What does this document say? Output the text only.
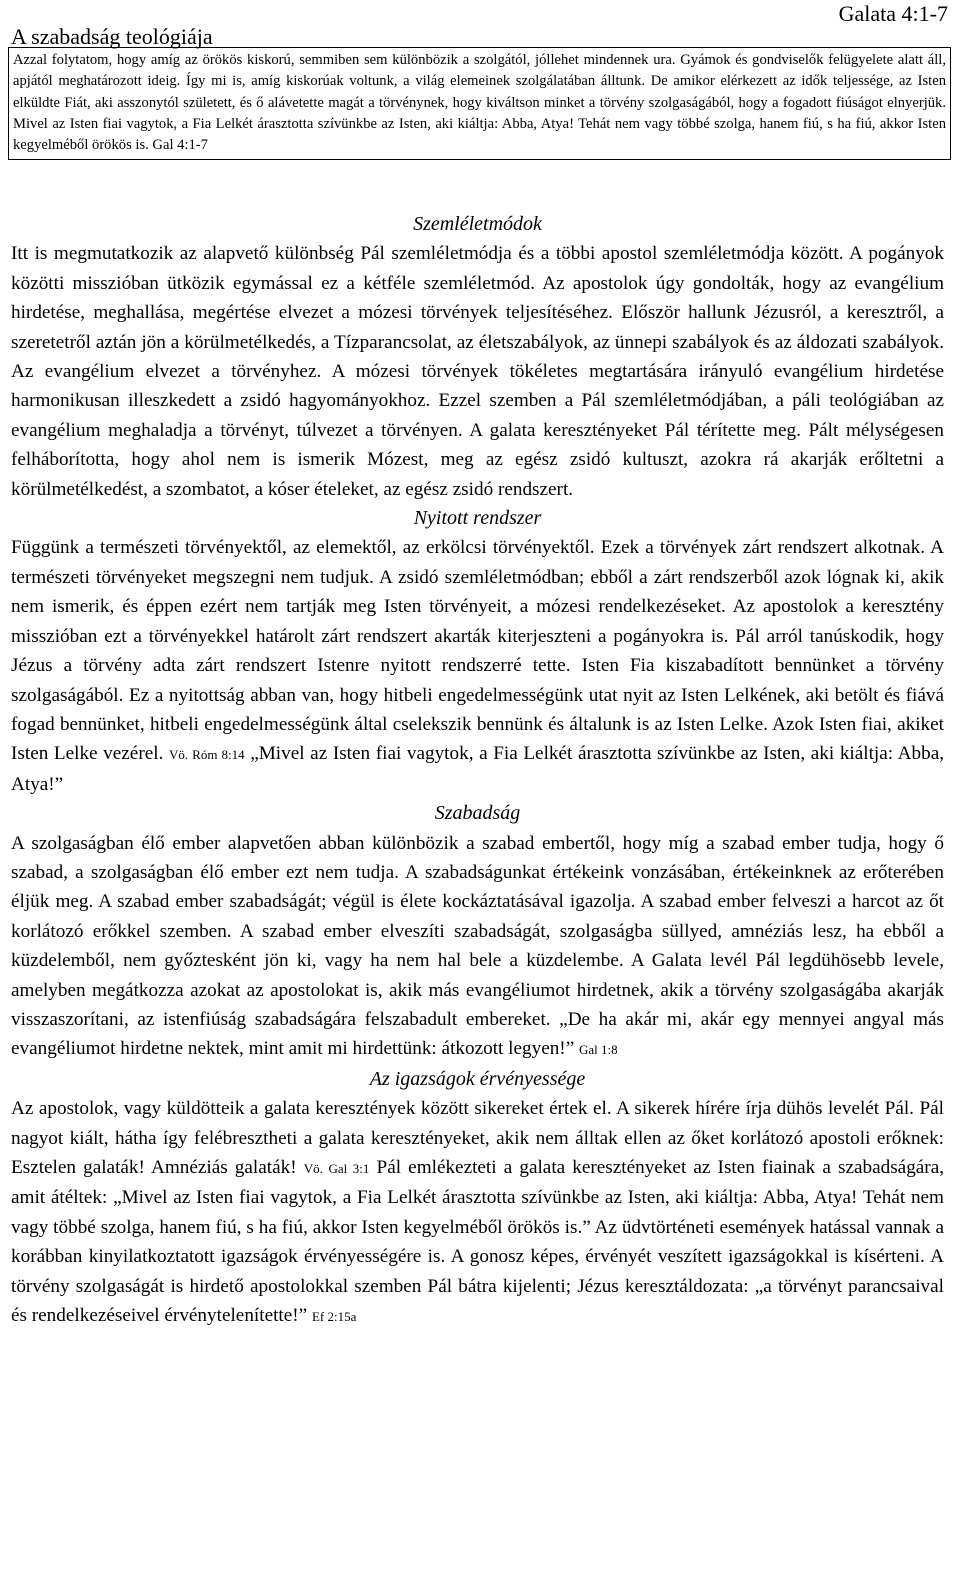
Galata 4:1-7
A szabadság teológiája
Azzal folytatom, hogy amíg az örökös kiskorú, semmiben sem különbözik a szolgától, jóllehet mindennek ura. Gyámok és gondviselők felügyelete alatt áll, apjától meghatározott ideig. Így mi is, amíg kiskorúak voltunk, a világ elemeinek szolgálatában álltunk. De amikor elérkezett az idők teljessége, az Isten elküldte Fiát, aki asszonytól született, és ő alávetette magát a törvénynek, hogy kiváltson minket a törvény szolgaságából, hogy a fogadott fiúságot elnyerjük. Mivel az Isten fiai vagytok, a Fia Lelkét árasztotta szívünkbe az Isten, aki kiáltja: Abba, Atya! Tehát nem vagy többé szolga, hanem fiú, s ha fiú, akkor Isten kegyelméből örökös is. Gal 4:1-7
Szemléletmódok

Itt is megmutatkozik az alapvető különbség Pál szemléletmódja és a többi apostol szemléletmódja között. A pogányok közötti misszióban ütközik egymással ez a kétféle szemléletmód. Az apostolok úgy gondolták, hogy az evangélium hirdetése, meghallása, megértése elvezet a mózesi törvények teljesítéséhez. Először hallunk Jézusról, a keresztről, a szeretetről aztán jön a körülmetélkedés, a Tízparancsolat, az életszabályok, az ünnepi szabályok és az áldozati szabályok. Az evangélium elvezet a törvényhez. A mózesi törvények tökéletes megtartására irányuló evangélium hirdetése harmonikusan illeszkedett a zsidó hagyományokhoz. Ezzel szemben a Pál szemléletmódjában, a páli teológiában az evangélium meghaladja a törvényt, túlvezet a törvényen. A galata keresztényeket Pál térítette meg. Pált mélységesen felháborította, hogy ahol nem is ismerik Mózest, meg az egész zsidó kultuszt, azokra rá akarják erőltetni a körülmetélkedést, a szombatot, a kóser ételeket, az egész zsidó rendszert.

Nyitott rendszer

Függünk a természeti törvényektől, az elemektől, az erkölcsi törvényektől. Ezek a törvények zárt rendszert alkotnak. A természeti törvényeket megszegni nem tudjuk. A zsidó szemléletmódban; ebből a zárt rendszerből azok lógnak ki, akik nem ismerik, és éppen ezért nem tartják meg Isten törvényeit, a mózesi rendelkezéseket. Az apostolok a keresztény misszióban ezt a törvényekkel határolt zárt rendszert akarták kiterjeszteni a pogányokra is. Pál arról tanúskodik, hogy Jézus a törvény adta zárt rendszert Istenre nyitott rendszerré tette. Isten Fia kiszabadított bennünket a törvény szolgaságából. Ez a nyitottság abban van, hogy hitbeli engedelmességünk utat nyit az Isten Lelkének, aki betölt és fiává fogad bennünket, hitbeli engedelmességünk által cselekszik bennünk és általunk is az Isten Lelke. Azok Isten fiai, akiket Isten Lelke vezérel. Vö. Róm 8:14 „Mivel az Isten fiai vagytok, a Fia Lelkét árasztotta szívünkbe az Isten, aki kiáltja: Abba, Atya!”

Szabadság

A szolgaságban élő ember alapvetően abban különbözik a szabad embertől, hogy míg a szabad ember tudja, hogy ő szabad, a szolgaságban élő ember ezt nem tudja. A szabadságunkat értékeink vonzásában, értékeinknek az erőterében éljük meg. A szabad ember szabadságát; végül is élete kockáztatásával igazolja. A szabad ember felveszi a harcot az őt korlátozó erőkkel szemben. A szabad ember elveszíti szabadságát, szolgaságba süllyed, amnéziás lesz, ha ebből a küzdelemből, nem győztesként jön ki, vagy ha nem hal bele a küzdelembe. A Galata levél Pál legdühösebb levele, amelyben megátkozza azokat az apostolokat is, akik más evangéliumot hirdetnek, akik a törvény szolgaságába akarják visszaszorítani, az istenfiúság szabadságára felszabadult embereket. „De ha akár mi, akár egy mennyei angyal más evangéliumot hirdetne nektek, mint amit mi hirdettünk: átkozott legyen!” Gal 1:8

Az igazságok érvényessége

Az apostolok, vagy küldötteik a galata keresztények között sikereket értek el. A sikerek hírére írja dühös levelét Pál. Pál nagyot kiált, hátha így felébresztheti a galata keresztényeket, akik nem álltak ellen az őket korlátozó apostoli erőknek: Esztelen galaták! Amnéziás galaták! Vö. Gal 3:1 Pál emlékezteti a galata keresztényeket az Isten fiainak a szabadságára, amit átéltek: „Mivel az Isten fiai vagytok, a Fia Lelkét árasztotta szívünkbe az Isten, aki kiáltja: Abba, Atya! Tehát nem vagy többé szolga, hanem fiú, s ha fiú, akkor Isten kegyelméből örökös is.” Az üdvtörténeti események hatással vannak a korábban kinyilatkoztatott igazságok érvényességére is. A gonosz képes, érvényét veszített igazságokkal is kísérteni. A törvény szolgaságát is hirdető apostolokkal szemben Pál bátra kijelenti; Jézus keresztáldozata: „a törvényt parancsaival és rendelkezéseivel érvénytelenítette!” Ef 2:15a
